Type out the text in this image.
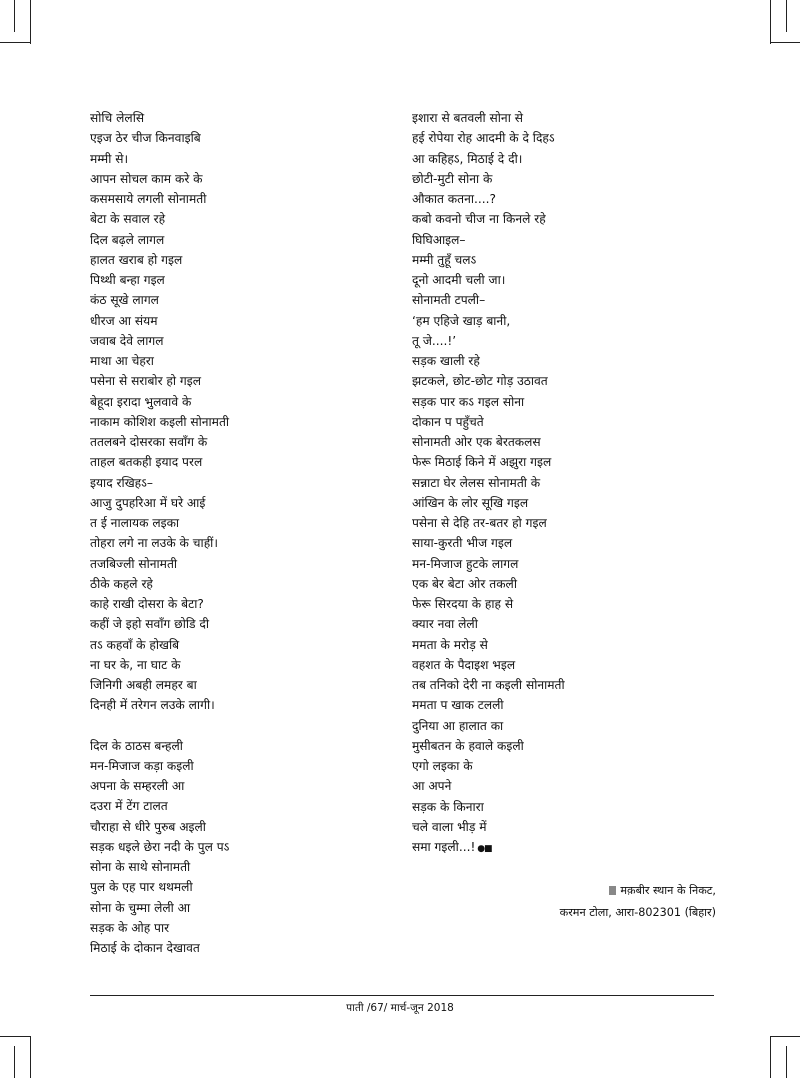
सोचि लेलसि
एइज ठेर चीज किनवाइबि
मम्मी से।
आपन सोचल काम करे के
कसमसाये लगली सोनामती
बेटा के सवाल रहे
दिल बढ़ले लागल
हालत खराब हो गइल
पिथ्थी बन्हा गइल
कंठ सूखे लागल
धीरज आ संयम
जवाब देवे लागल
माथा आ चेहरा
पसेना से सराबोर हो गइल
बेहूदा इरादा भुलवावे के
नाकाम कोशिश कइली सोनामती
ततलबने दोसरका सवाँग के
ताहल बतकही इयाद परल
इयाद रखिहऽ–
आजु दुपहरिआ में घरे आई
त ई नालायक लइका
तोहरा लगे ना लउके के चाहीं।
तजबिज्ली सोनामती
ठीके कहले रहे
काहे राखी दोसरा के बेटा?
कहीं जे इहो सवाँग छोडि दी
तऽ कहवाँ के होखबि
ना घर के, ना घाट के
जिनिगी अबही लमहर बा
दिनही में तरेगन लउके लागी।
दिल के ठाठस बन्हली
मन-मिजाज कड़ा कइली
अपना के सम्हरली आ
दउरा में टेंग टालत
चौराहा से धीरे पुरुब अइली
सड़क धइले छेरा नदी के पुल पऽ
सोना के साथे सोनामती
पुल के एह पार थथमली
सोना के चुम्मा लेली आ
सड़क के ओह पार
मिठाई के दोकान देखावत
इशारा से बतवली सोना से
हई रोपेया रोह आदमी के दे दिहऽ
आ कहिहऽ, मिठाई दे दी।
छोटी-मुटी सोना के
औकात कतना....?
कबो कवनो चीज ना किनले रहे
घिघिआइल–
मम्मी तुहूँ चलऽ
दूनो आदमी चली जा।
सोनामती टपली–
‘हम एहिजे खाड़ बानी,
तू जे....!’
सड़क खाली रहे
झटकले, छोट-छोट गोड़ उठावत
सड़क पार कऽ गइल सोना
दोकान प पहुँचते
सोनामती ओर एक बेरतकलस
फेरू मिठाई किने में अझुरा गइल
सन्नाटा घेर लेलस सोनामती के
आंखिन के लोर सूखि गइल
पसेना से देहि तर-बतर हो गइल
साया-कुरती भीज गइल
मन-मिजाज हुटके लागल
एक बेर बेटा ओर तकली
फेरू सिरदया के हाह से
क्यार नवा लेली
ममता के मरोड़ से
वहशत के पैदाइश भइल
तब तनिको देरी ना कइली सोनामती
ममता प खाक टलली
दुनिया आ हालात का
मुसीबतन के हवाले कइली
एगो लइका के
आ अपने
सड़क के किनारा
चले वाला भीड़ में
समा गइली...! ●■
मक़बीर स्थान के निकट,
करमन टोला, आरा-802301 (बिहार)
पाती /67/ मार्च-जून 2018
